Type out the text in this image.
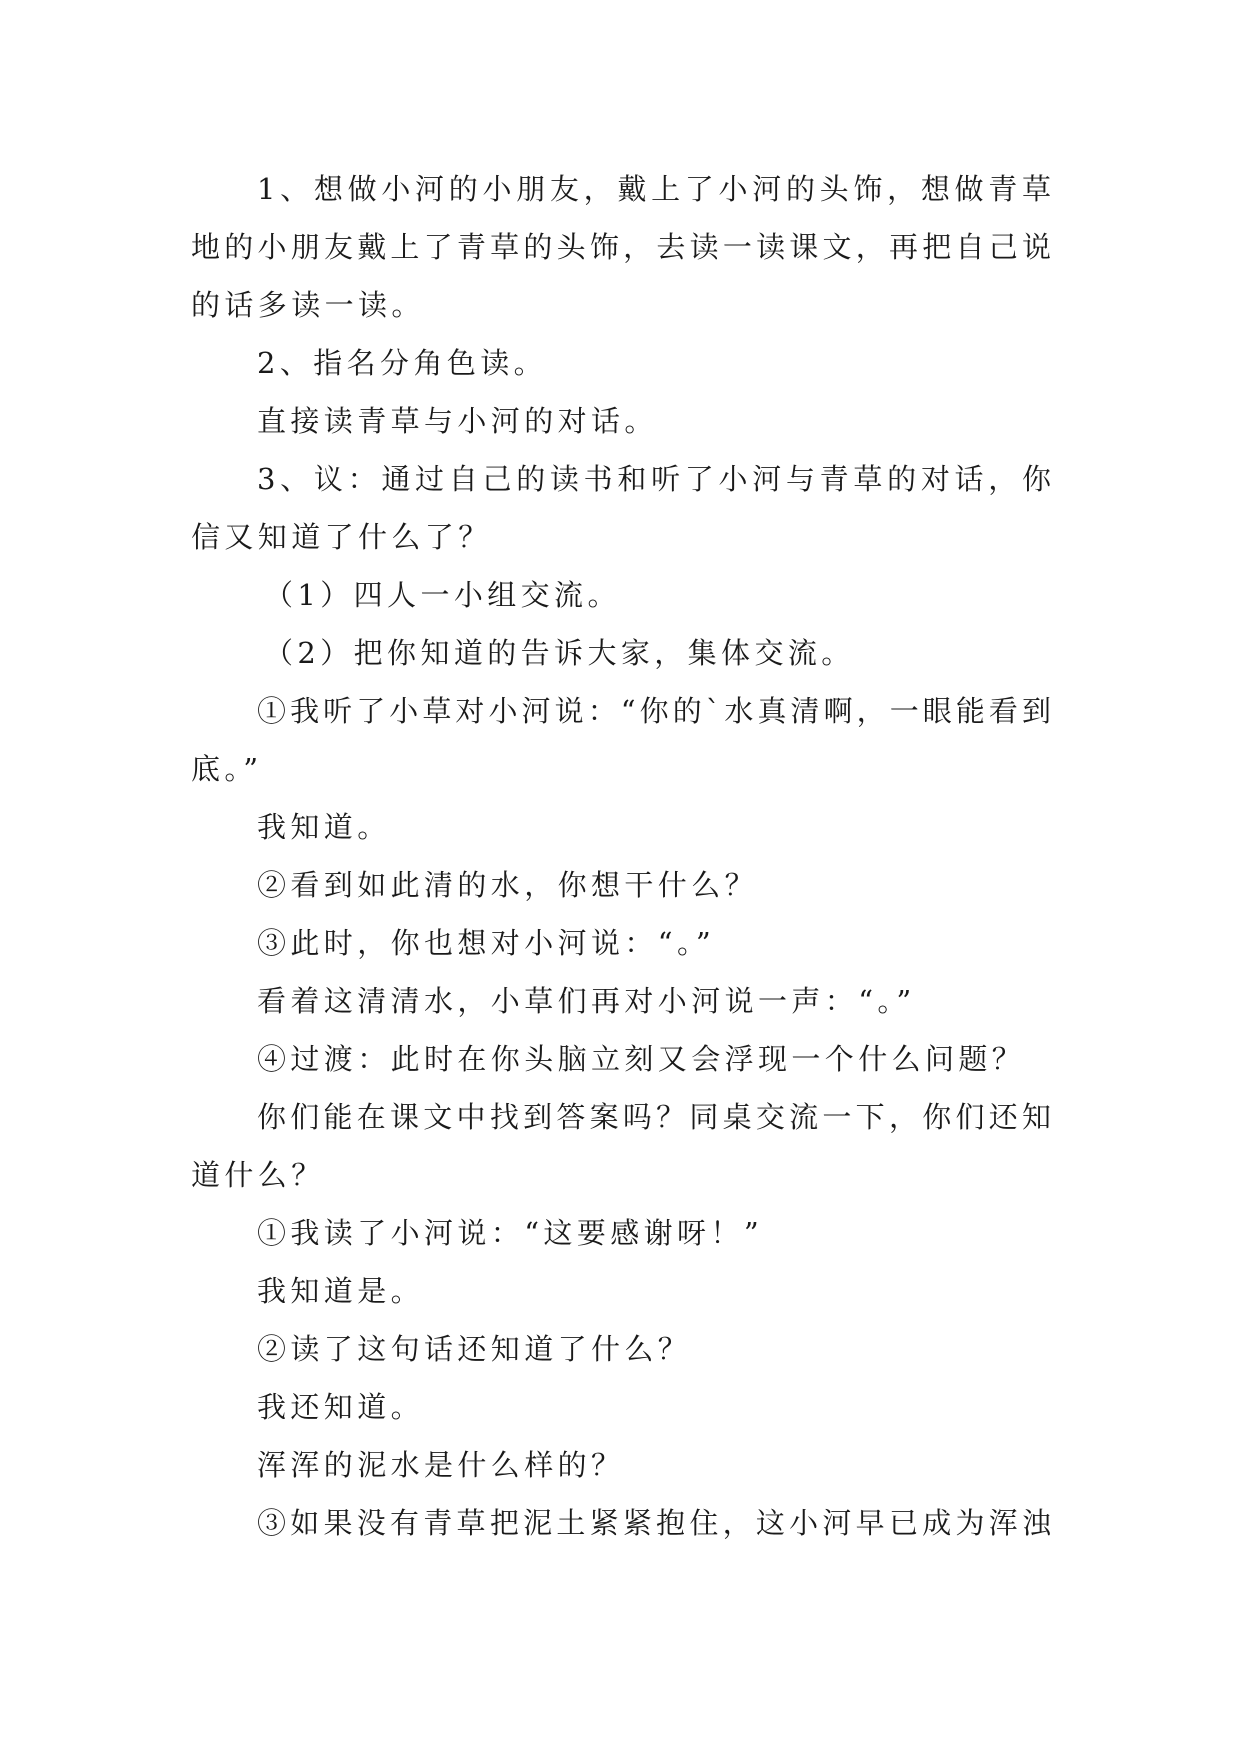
1、想做小河的小朋友，戴上了小河的头饰，想做青草
地的小朋友戴上了青草的头饰，去读一读课文，再把自己说
的话多读一读。
2、指名分角色读。
直接读青草与小河的对话。
3、议：通过自己的读书和听了小河与青草的对话，你
信又知道了什么了？
（1）四人一小组交流。
（2）把你知道的告诉大家，集体交流。
①我听了小草对小河说：“你的`水真清啊，一眼能看到
底。”
我知道。
②看到如此清的水，你想干什么？
③此时，你也想对小河说：“。”
看着这清清水，小草们再对小河说一声：“。”
④过渡：此时在你头脑立刻又会浮现一个什么问题？
你们能在课文中找到答案吗？同桌交流一下，你们还知
道什么？
①我读了小河说：“这要感谢呀！”
我知道是。
②读了这句话还知道了什么？
我还知道。
浑浑的泥水是什么样的？
③如果没有青草把泥土紧紧抱住，这小河早已成为浑浊
